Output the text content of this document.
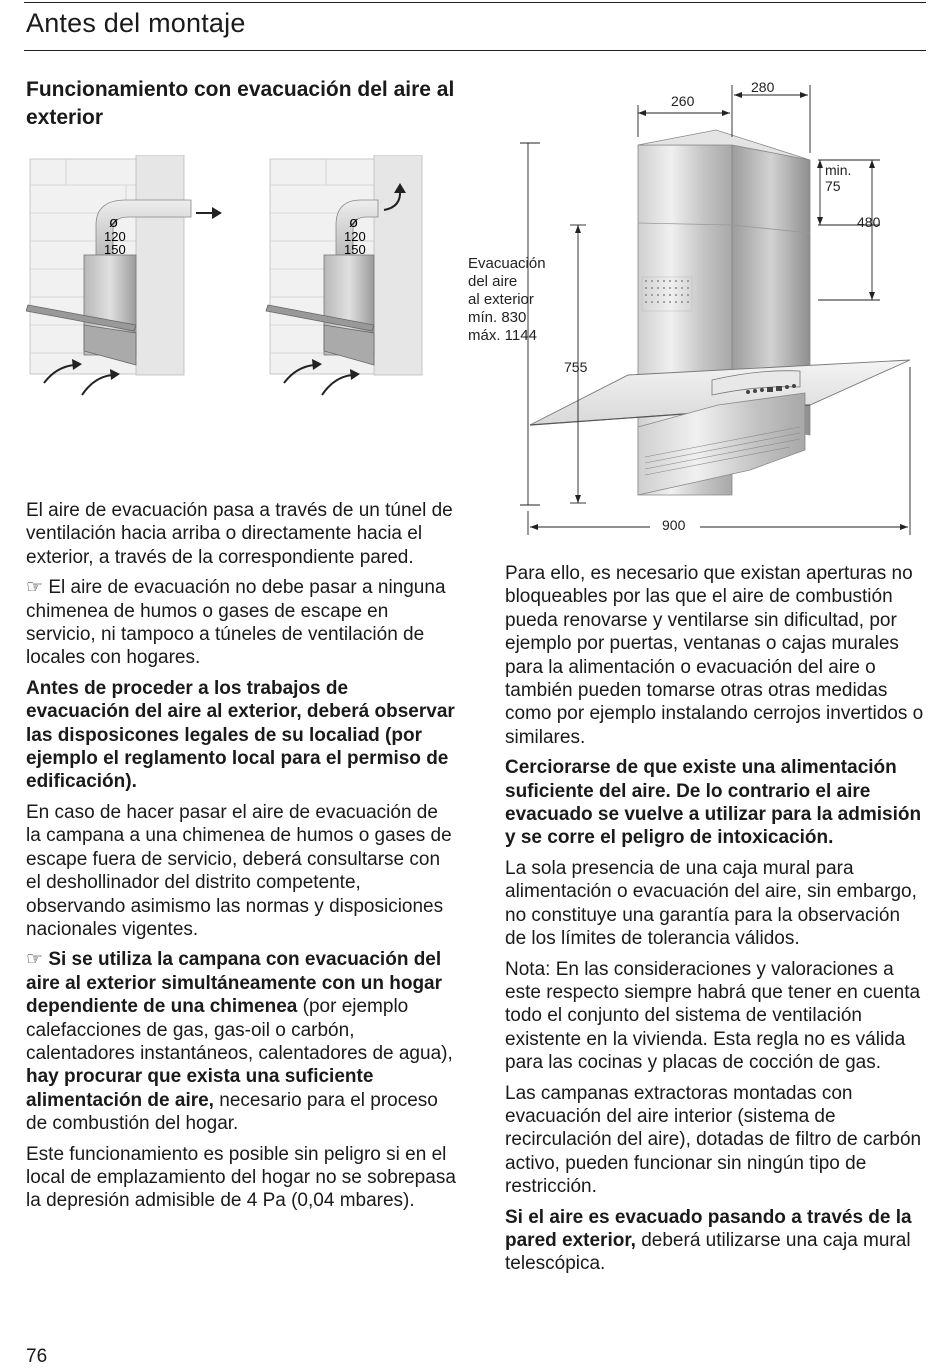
Antes del montaje
Funcionamiento con evacuación del aire al exterior
ø
120
150
ø
120
150
260
280
min.
75
480
755
900
Evacuación
del aire
al exterior
mín. 830
máx. 1144

El aire de evacuación pasa a través de un túnel de ventilación hacia arriba o directamente hacia el exterior, a través de la correspondiente pared.

☞ El aire de evacuación no debe pasar a ninguna chimenea de humos o gases de escape en servicio, ni tampoco a túneles de ventilación de locales con hogares.

Antes de proceder a los trabajos de evacuación del aire al exterior, deberá observar las disposicones legales de su localiad (por ejemplo el reglamento local para el permiso de edificación).

En caso de hacer pasar el aire de evacuación de la campana a una chimenea de humos o gases de escape fuera de servicio, deberá consultarse con el deshollinador del distrito competente, observando asimismo las normas y disposiciones nacionales vigentes.

☞ Si se utiliza la campana con evacuación del aire al exterior simultáneamente con un hogar dependiente de una chimenea (por ejemplo calefacciones de gas, gas-oil o carbón, calentadores instantáneos, calentadores de agua), hay procurar que exista una suficiente alimentación de aire, necesario para el proceso de combustión del hogar.

Este funcionamiento es posible sin peligro si en el local de emplazamiento del hogar no se sobrepasa la depresión admisible de 4 Pa (0,04 mbares).

Para ello, es necesario que existan aperturas no bloqueables por las que el aire de combustión pueda renovarse y ventilarse sin dificultad, por ejemplo por puertas, ventanas o cajas murales para la alimentación o evacuación del aire o también pueden tomarse otras otras medidas como por ejemplo instalando cerrojos invertidos o similares.

Cerciorarse de que existe una alimentación suficiente del aire. De lo contrario el aire evacuado se vuelve a utilizar para la admisión y se corre el peligro de intoxicación.

La sola presencia de una caja mural para alimentación o evacuación del aire, sin embargo, no constituye una garantía para la observación de los límites de tolerancia válidos.

Nota: En las consideraciones y valoraciones a este respecto siempre habrá que tener en cuenta todo el conjunto del sistema de ventilación existente en la vivienda. Esta regla no es válida para las cocinas y placas de cocción de gas.

Las campanas extractoras montadas con evacuación del aire interior (sistema de recirculación del aire), dotadas de filtro de carbón activo, pueden funcionar sin ningún tipo de restricción.

Si el aire es evacuado pasando a través de la pared exterior, deberá utilizarse una caja mural telescópica.

76
